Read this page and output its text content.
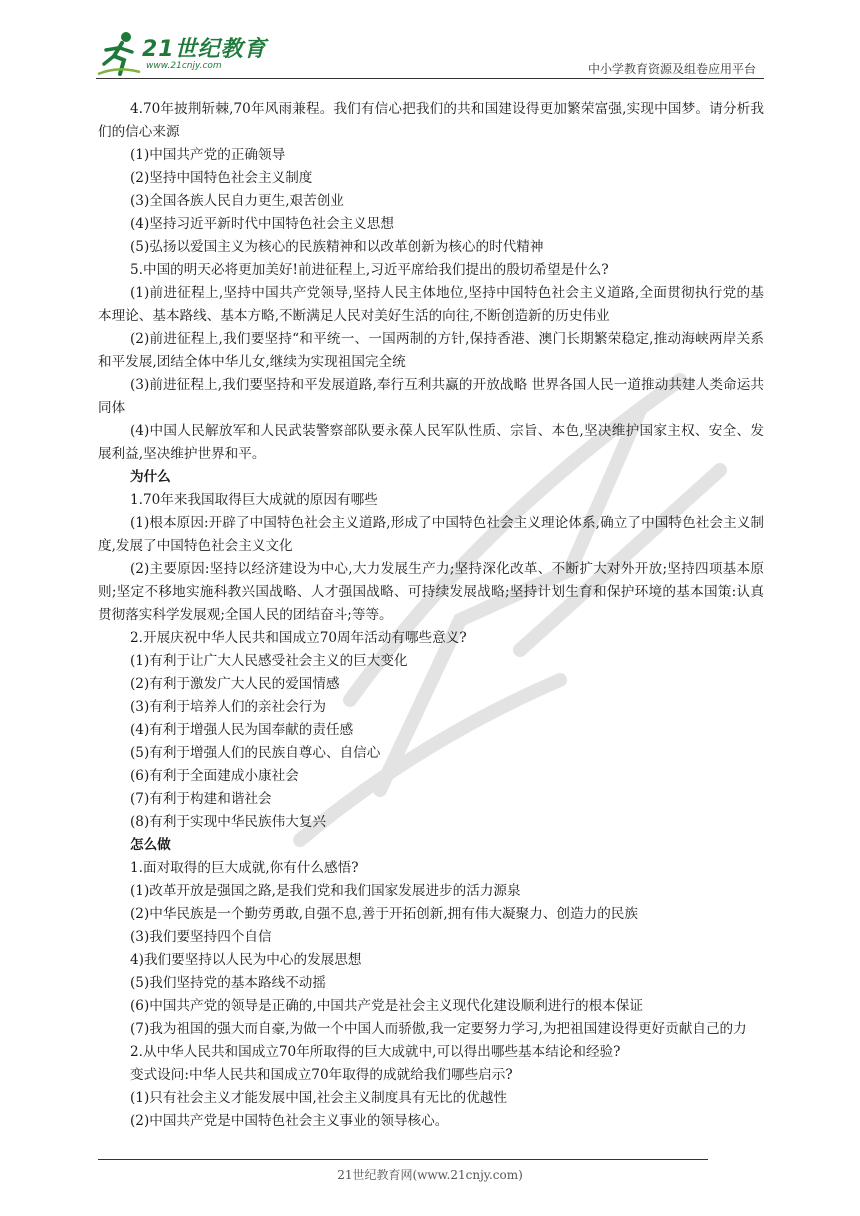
21世纪教育
www.21cnjy.com	中小学教育资源及组卷应用平台

4.70年披荆斩棘,70年风雨兼程。我们有信心把我们的共和国建设得更加繁荣富强,实现中国梦。请分析我们的信心来源

(1)中国共产党的正确领导

(2)坚持中国特色社会主义制度

(3)全国各族人民自力更生,艰苦创业

(4)坚持习近平新时代中国特色社会主义思想

(5)弘扬以爱国主义为核心的民族精神和以改革创新为核心的时代精神

5.中国的明天必将更加美好!前进征程上,习近平席给我们提出的殷切希望是什么?

(1)前进征程上,坚持中国共产党领导,坚持人民主体地位,坚持中国特色社会主义道路,全面贯彻执行党的基本理论、基本路线、基本方略,不断满足人民对美好生活的向往,不断创造新的历史伟业

(2)前进征程上,我们要坚持“和平统一、一国两制的方针,保持香港、澳门长期繁荣稳定,推动海峡两岸关系和平发展,团结全体中华儿女,继续为实现祖国完全统

(3)前进征程上,我们要坚持和平发展道路,奉行互利共赢的开放战略 世界各国人民一道推动共建人类命运共同体

(4)中国人民解放军和人民武装警察部队要永葆人民军队性质、宗旨、本色,坚决维护国家主权、安全、发展利益,坚决维护世界和平。

为什么

1.70年来我国取得巨大成就的原因有哪些

(1)根本原因:开辟了中国特色社会主义道路,形成了中国特色社会主义理论体系,确立了中国特色社会主义制度,发展了中国特色社会主义文化

(2)主要原因:坚持以经济建设为中心,大力发展生产力;坚持深化改革、不断扩大对外开放;坚持四项基本原则;坚定不移地实施科教兴国战略、人才强国战略、可持续发展战略;坚持计划生育和保护环境的基本国策:认真贯彻落实科学发展观;全国人民的团结奋斗;等等。

2.开展庆祝中华人民共和国成立70周年活动有哪些意义?

(1)有利于让广大人民感受社会主义的巨大变化

(2)有利于激发广大人民的爱国情感

(3)有利于培养人们的亲社会行为

(4)有利于增强人民为国奉献的责任感

(5)有利于增强人们的民族自尊心、自信心

(6)有利于全面建成小康社会

(7)有利于构建和谐社会

(8)有利于实现中华民族伟大复兴

怎么做

1.面对取得的巨大成就,你有什么感悟?

(1)改革开放是强国之路,是我们党和我们国家发展进步的活力源泉

(2)中华民族是一个勤劳勇敢,自强不息,善于开拓创新,拥有伟大凝聚力、创造力的民族

(3)我们要坚持四个自信

4)我们要坚持以人民为中心的发展思想

(5)我们坚持党的基本路线不动摇

(6)中国共产党的领导是正确的,中国共产党是社会主义现代化建设顺利进行的根本保证

(7)我为祖国的强大而自豪,为做一个中国人而骄傲,我一定要努力学习,为把祖国建设得更好贡献自己的力

2.从中华人民共和国成立70年所取得的巨大成就中,可以得出哪些基本结论和经验?

变式设问:中华人民共和国成立70年取得的成就给我们哪些启示?

(1)只有社会主义才能发展中国,社会主义制度具有无比的优越性

(2)中国共产党是中国特色社会主义事业的领导核心。

21世纪教育网(www.21cnjy.com)
